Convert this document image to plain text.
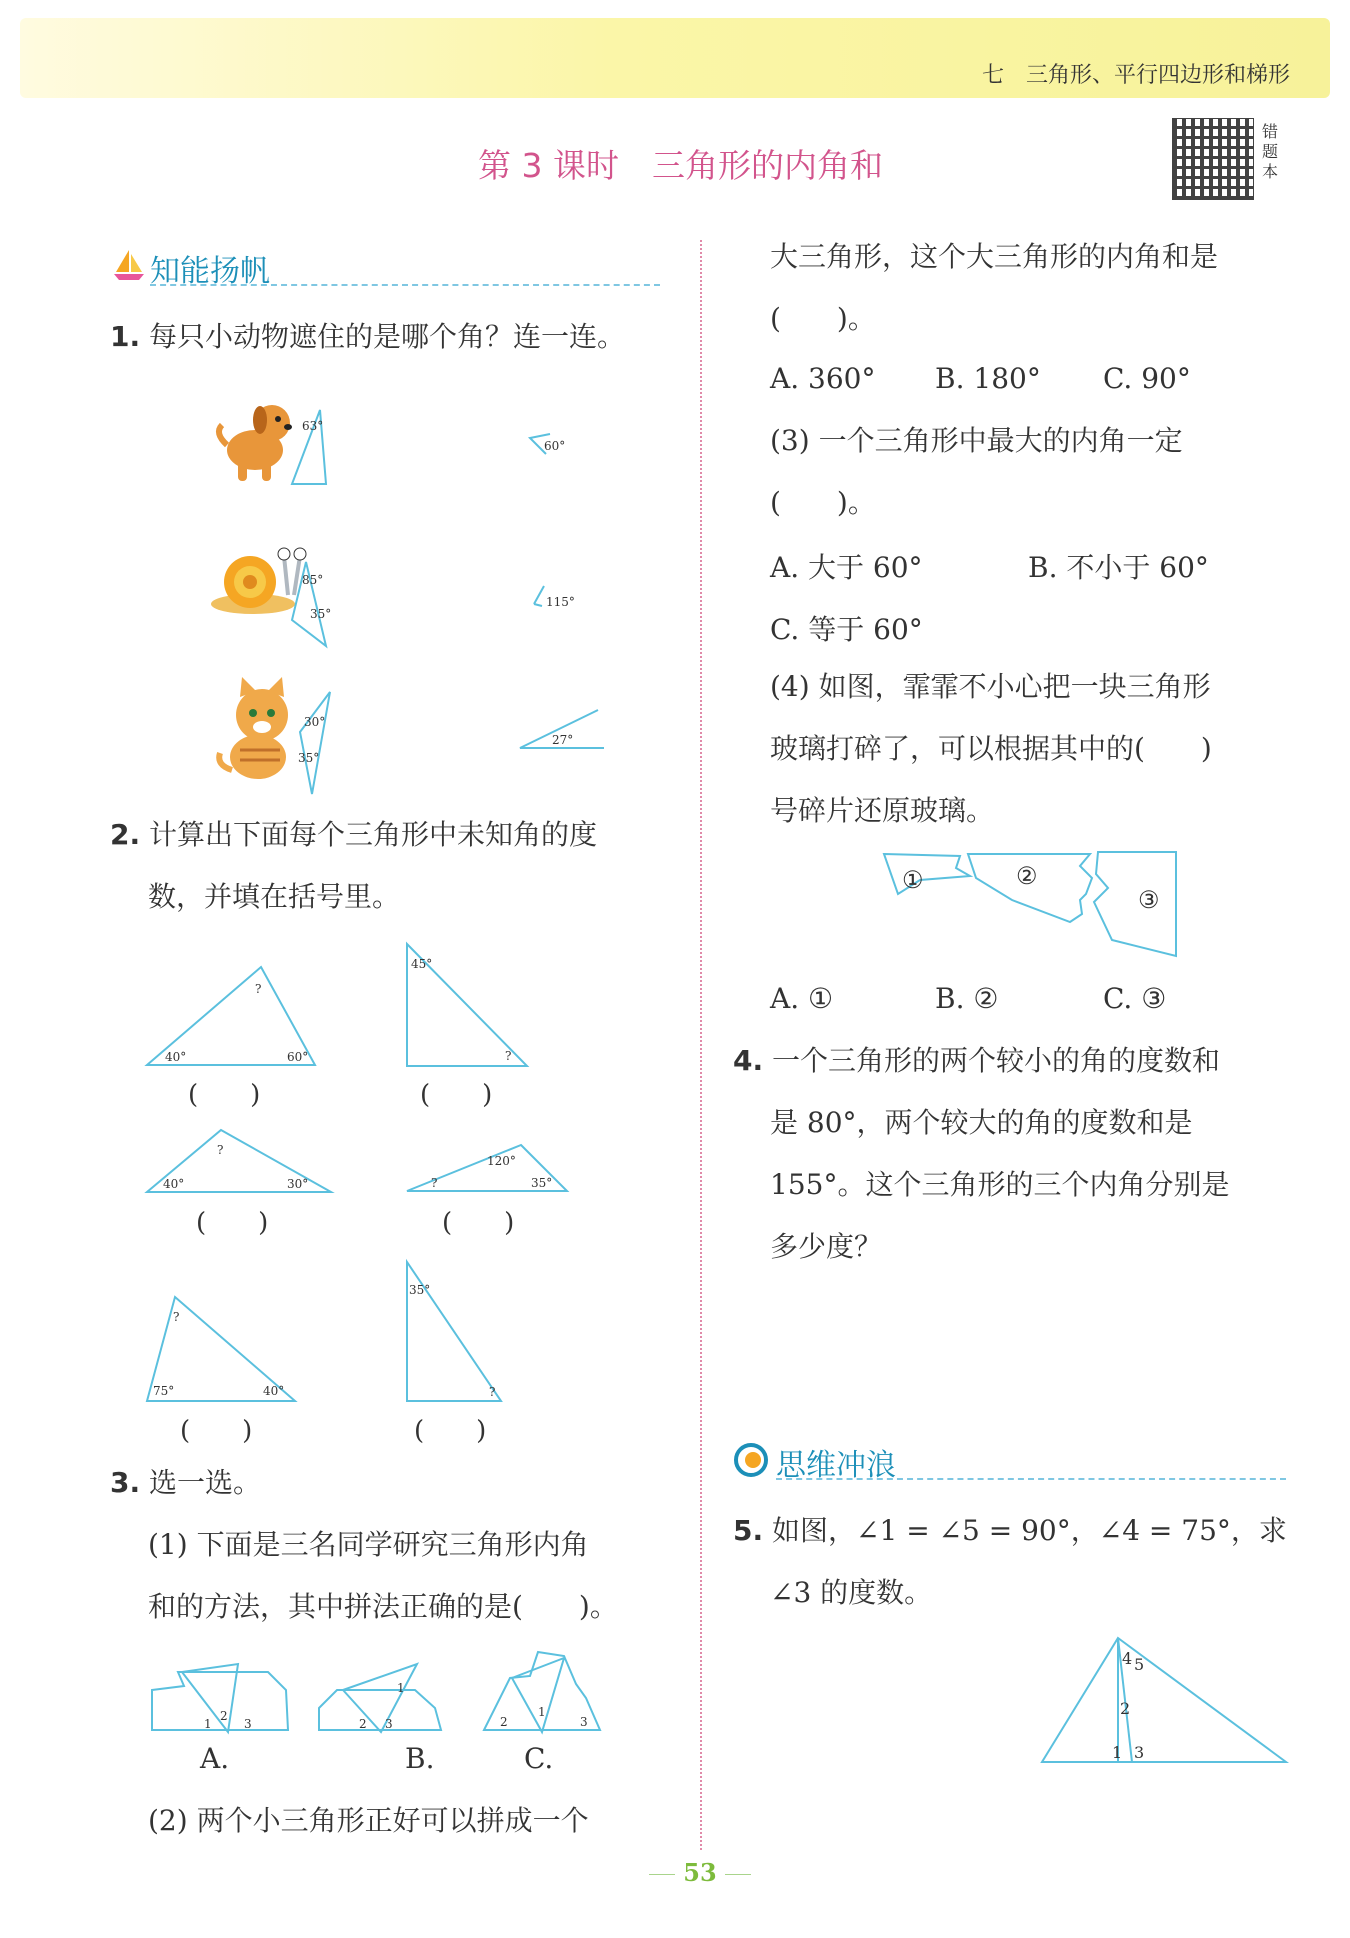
七　三角形、平行四边形和梯形
第 3 课时　三角形的内角和
错题本
知能扬帆
1. 每只小动物遮住的是哪个角？连一连。
63°
85°
35°
30°
35°
60°
115°
27°
2. 计算出下面每个三角形中未知角的度
数，并填在括号里。
40°	60°
?
(　　)
45°
?
(　　)
40°	30°
?
(　　)
120°
?	35°
(　　)
?
75°	40°
(　　)
35°
?
(　　)
3. 选一选。
(1) 下面是三名同学研究三角形内角
和的方法，其中拼法正确的是(　　)。
1
2
3
A.
2 3
1
B.
2
1
3
C.
(2) 两个小三角形正好可以拼成一个
大三角形，这个大三角形的内角和是
(　　)。
A. 360° B. 180° C. 90°
(3) 一个三角形中最大的内角一定
(　　)。
A. 大于 60°	B. 不小于 60°
C. 等于 60°
(4) 如图，霏霏不小心把一块三角形
玻璃打碎了，可以根据其中的(　　)
号碎片还原玻璃。
①	②
③
A. ①	B. ②	C. ③
4. 一个三角形的两个较小的角的度数和
是 80°，两个较大的角的度数和是
155°。这个三角形的三个内角分别是
多少度？
思维冲浪
5. 如图，∠1 = ∠5 = 90°，∠4 = 75°，求
∠3 的度数。
1
2
3
4 5
53
